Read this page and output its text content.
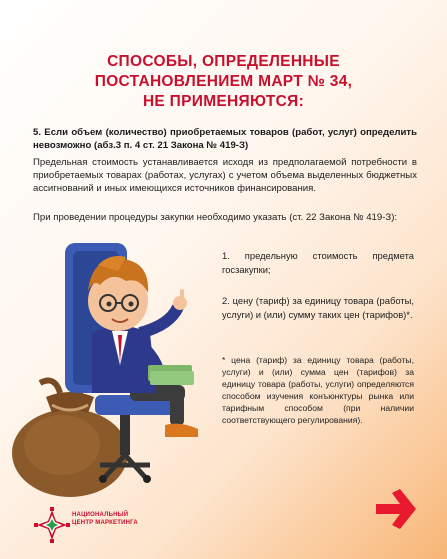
СПОСОБЫ, ОПРЕДЕЛЕННЫЕ
ПОСТАНОВЛЕНИЕМ МАРТ № 34,
НЕ ПРИМЕНЯЮТСЯ:
5. Если объем (количество) приобретаемых товаров (работ, услуг) определить невозможно (абз.3 п. 4 ст. 21 Закона № 419-З)
Предельная стоимость устанавливается исходя из предполагаемой потребности в приобретаемых товарах (работах, услугах) с учетом объема выделенных бюджетных ассигнований и иных имеющихся источников финансирования.
При проведении процедуры закупки необходимо указать (ст. 22 Закона № 419-З):
1. предельную стоимость предмета госзакупки;
2. цену (тариф) за единицу товара (работы, услуги) и (или) сумму таких цен (тарифов)*.
* цена (тариф) за единицу товара (работы, услуги) и (или) сумма цен (тарифов) за единицу товара (работы, услуги) определяются способом изучения конъюнктуры рынка или тарифным способом (при наличии соответствующего регулирования).
НАЦИОНАЛЬНЫЙ
ЦЕНТР МАРКЕТИНГА
